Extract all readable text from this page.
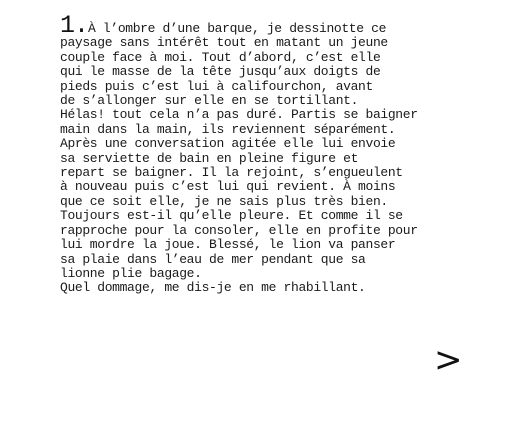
1.À l’ombre d’une barque, je dessinotte ce
paysage sans intérêt tout en matant un jeune
couple face à moi. Tout d’abord, c’est elle
qui le masse de la tête jusqu’aux doigts de
pieds puis c’est lui à califourchon, avant
de s’allonger sur elle en se tortillant.
Hélas! tout cela n’a pas duré. Partis se baigner
main dans la main, ils reviennent séparément.
Après une conversation agitée elle lui envoie
sa serviette de bain en pleine figure et
repart se baigner. Il la rejoint, s’engueulent
à nouveau puis c’est lui qui revient. À moins
que ce soit elle, je ne sais plus très bien.
Toujours est-il qu’elle pleure. Et comme il se
rapproche pour la consoler, elle en profite pour
lui mordre la joue. Blessé, le lion va panser
sa plaie dans l’eau de mer pendant que sa
lionne plie bagage.
Quel dommage, me dis-je en me rhabillant.
>
